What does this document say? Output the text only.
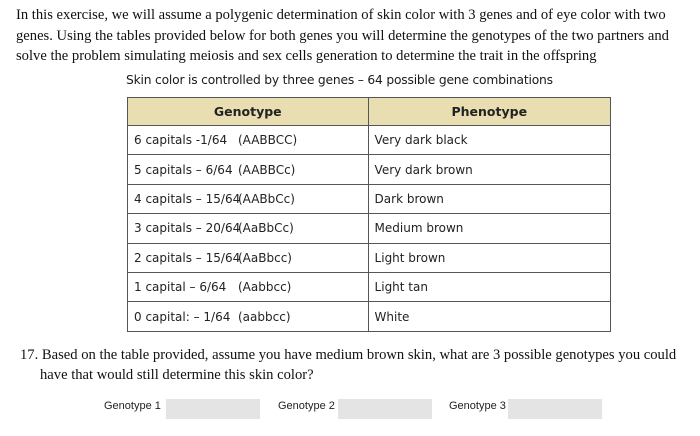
In this exercise, we will assume a polygenic determination of skin color with 3 genes and of eye color with two genes. Using the tables provided below for both genes you will determine the genotypes of the two partners and solve the problem simulating meiosis and sex cells generation to determine the trait in the offspring

Skin color is controlled by three genes – 64 possible gene combinations

Genotype	Phenotype
6 capitals -1/64 (AABBCC)	Very dark black
5 capitals – 6/64 (AABBCc)	Very dark brown
4 capitals – 15/64(AABbCc)	Dark brown
3 capitals – 20/64(AaBbCc)	Medium brown
2 capitals – 15/64(AaBbcc)	Light brown
1 capital – 6/64 (Aabbcc)	Light tan
0 capital: – 1/64 (aabbcc)	White

17. Based on the table provided, assume you have medium brown skin, what are 3 possible genotypes you could have that would still determine this skin color?

Genotype 1	Genotype 2	Genotype 3
